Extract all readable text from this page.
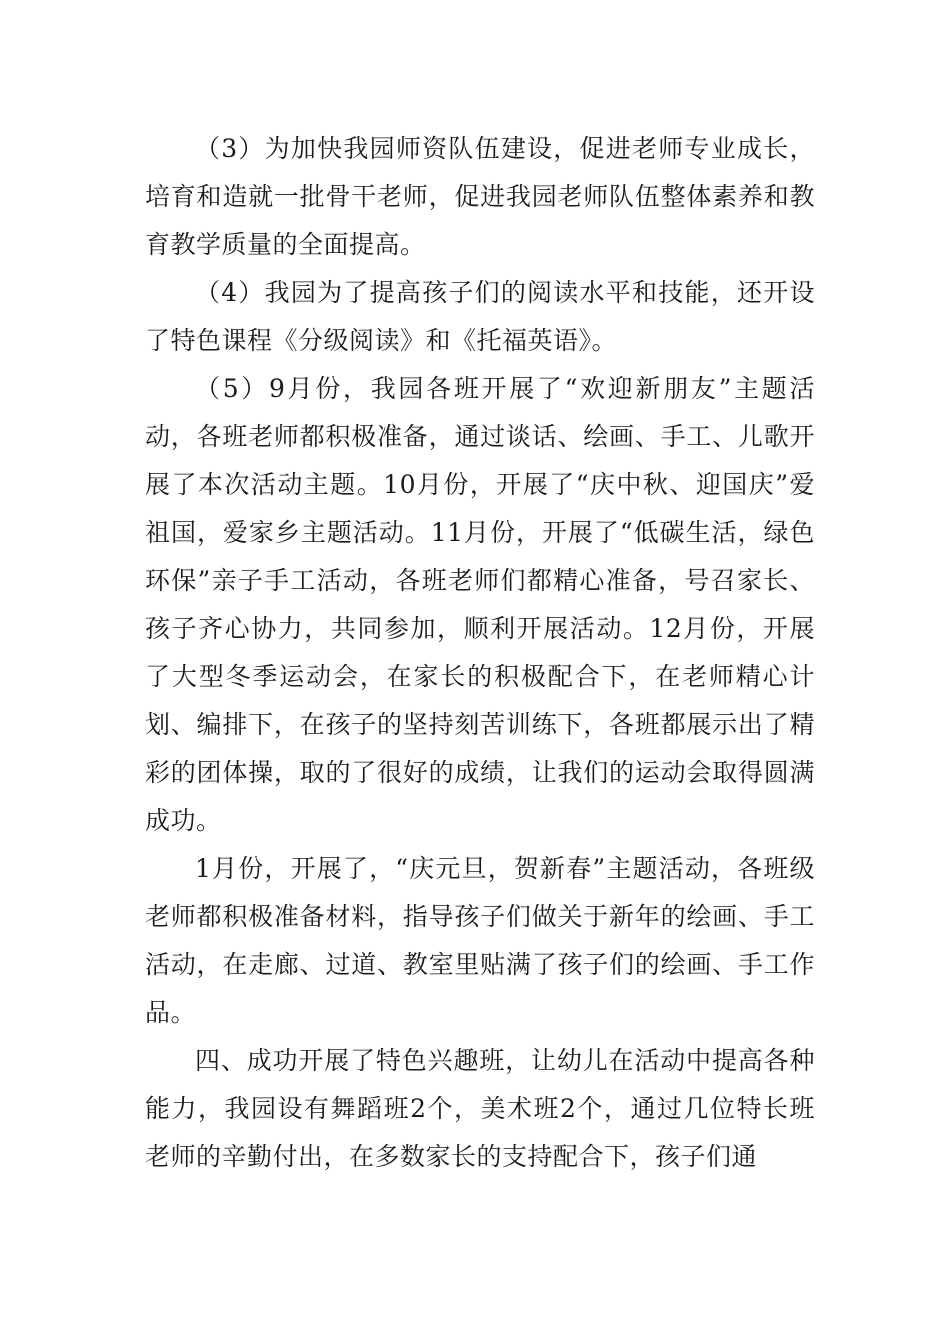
（3）为加快我园师资队伍建设，促进老师专业成长，培育和造就一批骨干老师，促进我园老师队伍整体素养和教育教学质量的全面提高。

（4）我园为了提高孩子们的阅读水平和技能，还开设了特色课程《分级阅读》和《托福英语》。

（5）9月份，我园各班开展了“欢迎新朋友”主题活动，各班老师都积极准备，通过谈话、绘画、手工、儿歌开展了本次活动主题。10月份，开展了“庆中秋、迎国庆”爱祖国，爱家乡主题活动。11月份，开展了“低碳生活，绿色环保”亲子手工活动，各班老师们都精心准备，号召家长、孩子齐心协力，共同参加，顺利开展活动。12月份，开展了大型冬季运动会，在家长的积极配合下，在老师精心计划、编排下，在孩子的坚持刻苦训练下，各班都展示出了精彩的团体操，取的了很好的成绩，让我们的运动会取得圆满成功。

1月份，开展了，“庆元旦，贺新春”主题活动，各班级老师都积极准备材料，指导孩子们做关于新年的绘画、手工活动，在走廊、过道、教室里贴满了孩子们的绘画、手工作品。

四、成功开展了特色兴趣班，让幼儿在活动中提高各种能力，我园设有舞蹈班2个，美术班2个，通过几位特长班老师的辛勤付出，在多数家长的支持配合下，孩子们通
